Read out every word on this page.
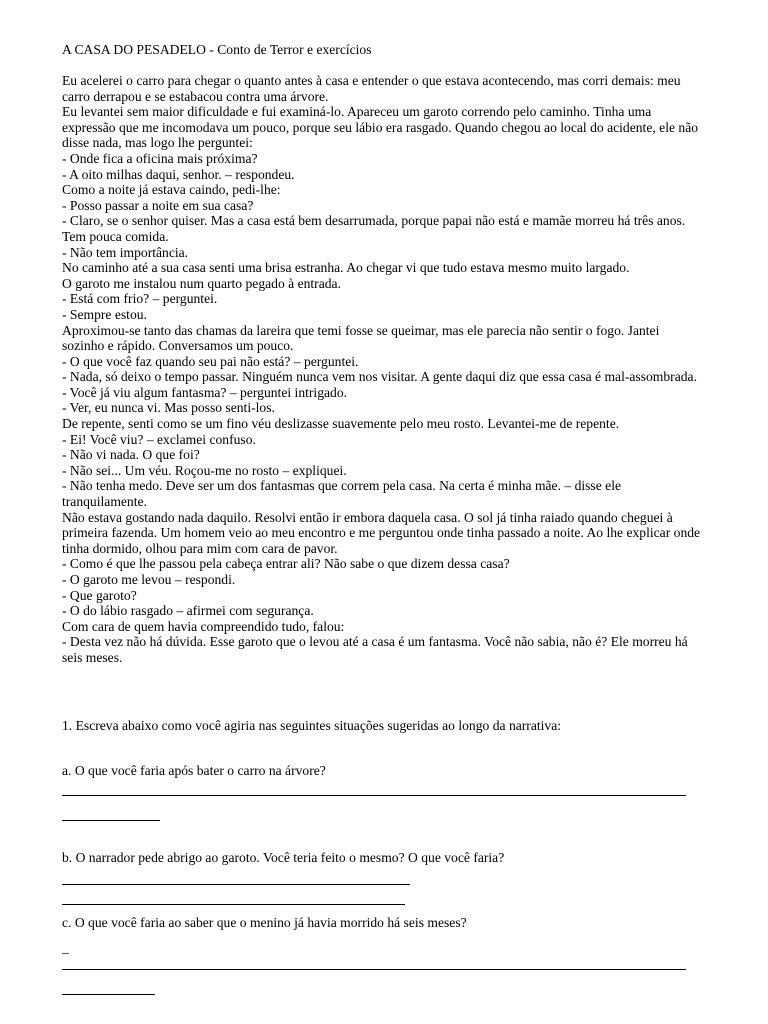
A CASA DO PESADELO - Conto de Terror e exercícios

Eu acelerei o carro para chegar o quanto antes à casa e entender o que estava acontecendo, mas corri demais: meu carro derrapou e se estabacou contra uma árvore.

Eu levantei sem maior dificuldade e fui examiná-lo. Apareceu um garoto correndo pelo caminho. Tinha uma expressão que me incomodava um pouco, porque seu lábio era rasgado. Quando chegou ao local do acidente, ele não disse nada, mas logo lhe perguntei:

- Onde fica a oficina mais próxima?

- A oito milhas daqui, senhor. – respondeu.

Como a noite já estava caindo, pedi-lhe:

- Posso passar a noite em sua casa?

- Claro, se o senhor quiser. Mas a casa está bem desarrumada, porque papai não está e mamãe morreu há três anos. Tem pouca comida.

- Não tem importância.

No caminho até a sua casa senti uma brisa estranha. Ao chegar vi que tudo estava mesmo muito largado.

O garoto me instalou num quarto pegado à entrada.

- Está com frio? – perguntei.

- Sempre estou.

Aproximou-se tanto das chamas da lareira que temi fosse se queimar, mas ele parecia não sentir o fogo. Jantei sozinho e rápido. Conversamos um pouco.

- O que você faz quando seu pai não está? – perguntei.

- Nada, só deixo o tempo passar. Ninguém nunca vem nos visitar. A gente daqui diz que essa casa é mal-assombrada.

- Você já viu algum fantasma? – perguntei intrigado.

- Ver, eu nunca vi. Mas posso senti-los.

De repente, senti como se um fino véu deslizasse suavemente pelo meu rosto. Levantei-me de repente.

- Ei! Você viu? – exclamei confuso.

- Não vi nada. O que foi?

- Não sei... Um véu. Roçou-me no rosto – expliquei.

- Não tenha medo. Deve ser um dos fantasmas que correm pela casa. Na certa é minha mãe. – disse ele tranquilamente.

Não estava gostando nada daquilo. Resolvi então ir embora daquela casa. O sol já tinha raiado quando cheguei à primeira fazenda. Um homem veio ao meu encontro e me perguntou onde tinha passado a noite. Ao lhe explicar onde tinha dormido, olhou para mim com cara de pavor.

- Como é que lhe passou pela cabeça entrar ali? Não sabe o que dizem dessa casa?

- O garoto me levou – respondi.

- Que garoto?

- O do lábio rasgado – afirmei com segurança.

Com cara de quem havia compreendido tudo, falou:

- Desta vez não há dúvida. Esse garoto que o levou até a casa é um fantasma. Você não sabia, não é? Ele morreu há seis meses.

1. Escreva abaixo como você agiria nas seguintes situações sugeridas ao longo da narrativa:
a. O que você faria após bater o carro na árvore?
b. O narrador pede abrigo ao garoto. Você teria feito o mesmo? O que você faria?
c. O que você faria ao saber que o menino já havia morrido há seis meses?
_
